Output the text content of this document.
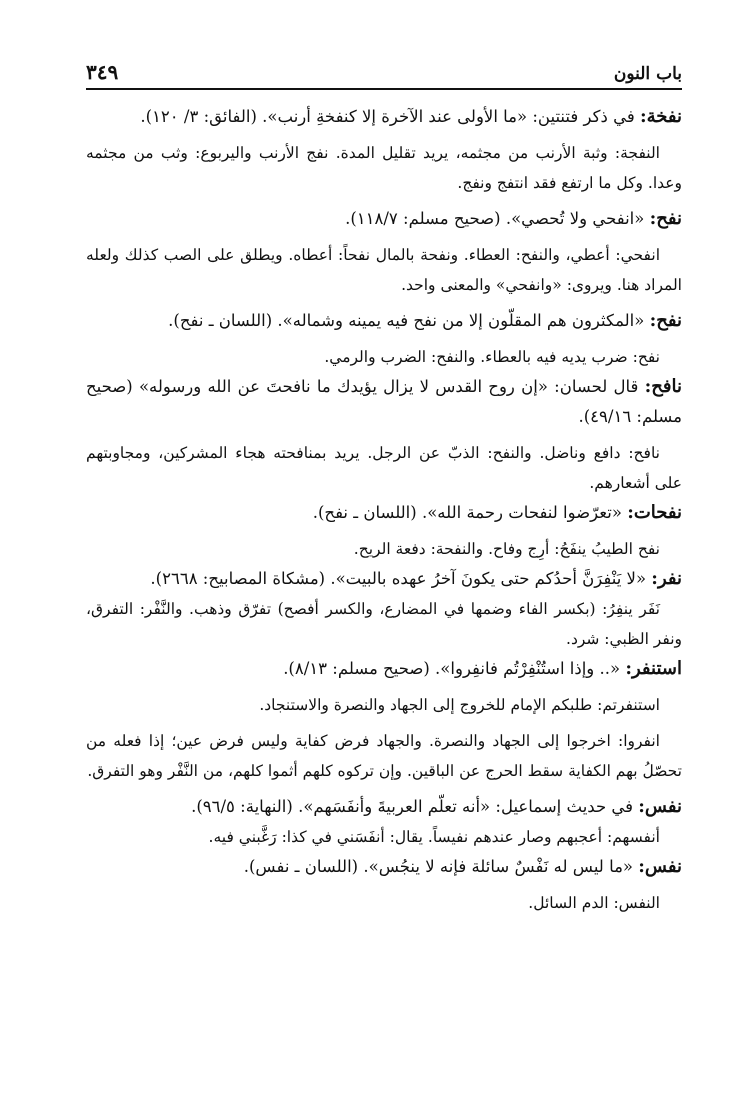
باب النون
٣٤٩

نفخة: في ذكر فتنتين: «ما الأولى عند الآخرة إلا كنفخةِ أرنب». (الفائق: ٣/ ١٢٠).

النفجة: وثبة الأرنب من مجثمه، يريد تقليل المدة. نفج الأرنب واليربوع: وثب من مجثمه وعدا. وكل ما ارتفع فقد انتفج ونفج.

نفح: «انفحي ولا تُحصي». (صحيح مسلم: ١١٨/٧).

انفحي: أعطي، والنفح: العطاء. ونفحة بالمال نفحاً: أعطاه. ويطلق على الصب كذلك ولعله المراد هنا. ويروى: «وانفحي» والمعنى واحد.

نفح: «المكثرون هم المقلّون إلا من نفح فيه يمينه وشماله». (اللسان ـ نفح).

نفح: ضرب يديه فيه بالعطاء. والنفح: الضرب والرمي.

نافح: قال لحسان: «إن روح القدس لا يزال يؤيدك ما نافحتَ عن الله ورسوله» (صحيح مسلم: ٤٩/١٦).

نافح: دافع وناضل. والنفح: الذبّ عن الرجل. يريد بمنافحته هجاء المشركين، ومجاوبتهم على أشعارهم.

نفحات: «تعرّضوا لنفحات رحمة الله». (اللسان ـ نفح).

نفح الطيبُ ينفَحُ: أرِج وفاح. والنفحة: دفعة الريح.

نفر: «لا يَنْفِرَنَّ أحدُكم حتى يكونَ آخرُ عهده بالبيت». (مشكاة المصابيح: ٢٦٦٨).

نَفَر ينفِرُ: (بكسر الفاء وضمها في المضارع، والكسر أفصح) تفرّق وذهب. والنَّفْر: التفرق، ونفر الظبي: شرد.

استنفر: «.. وإذا استُنْفِرْتُم فانفِروا». (صحيح مسلم: ٨/١٣).

استنفرتم: طلبكم الإمام للخروج إلى الجهاد والنصرة والاستنجاد.

انفروا: اخرجوا إلى الجهاد والنصرة. والجهاد فرض كفاية وليس فرض عين؛ إذا فعله من تحصّلُ بهم الكفاية سقط الحرج عن الباقين. وإن تركوه كلهم أثموا كلهم، من النَّفْر وهو التفرق.

نفس: في حديث إسماعيل: «أنه تعلّم العربيةَ وأنفَسَهم». (النهاية: ٩٦/٥).

أنفسهم: أعجبهم وصار عندهم نفيساً. يقال: أنفَسَني في كذا: رَغَّبني فيه.

نفس: «ما ليس له نَفْسٌ سائلة فإنه لا ينجُس». (اللسان ـ نفس).

النفس: الدم السائل.
